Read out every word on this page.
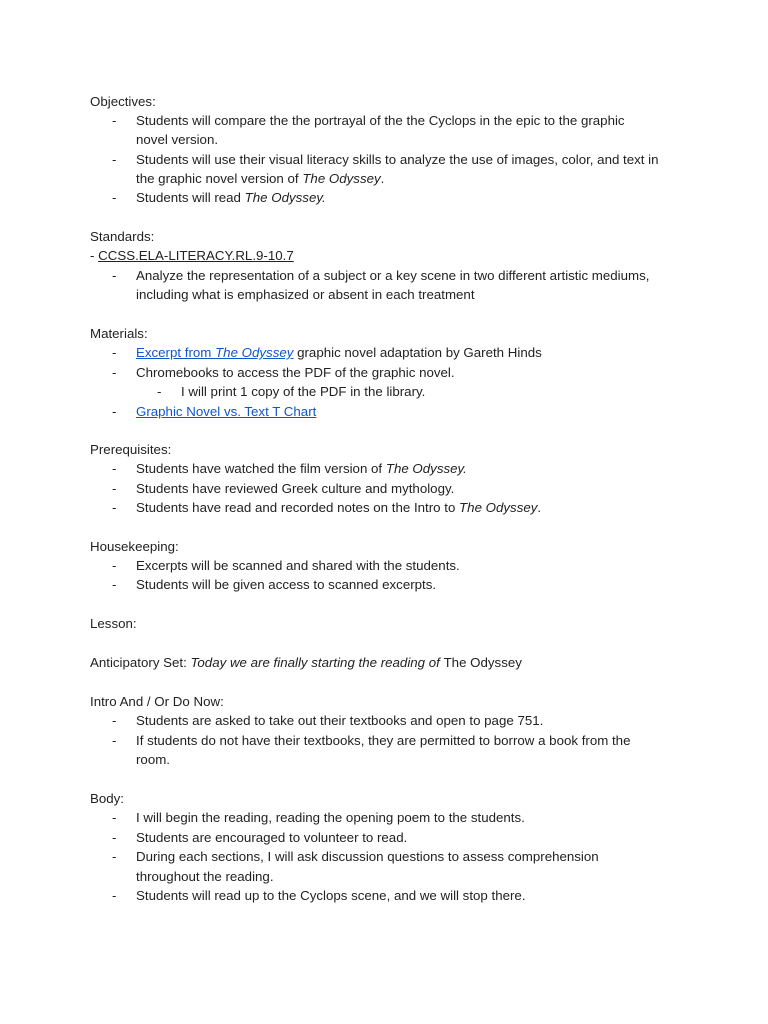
Objectives:
- Students will compare the the portrayal of the the Cyclops in the epic to the graphic
novel version.
- Students will use their visual literacy skills to analyze the use of images, color, and text in
the graphic novel version of The Odyssey.
- Students will read The Odyssey.
Standards:
- CCSS.ELA-LITERACY.RL.9-10.7
- Analyze the representation of a subject or a key scene in two different artistic mediums,
including what is emphasized or absent in each treatment
Materials:
- Excerpt from The Odyssey graphic novel adaptation by Gareth Hinds
- Chromebooks to access the PDF of the graphic novel.
- I will print 1 copy of the PDF in the library.
- Graphic Novel vs. Text T Chart
Prerequisites:
- Students have watched the film version of The Odyssey.
- Students have reviewed Greek culture and mythology.
- Students have read and recorded notes on the Intro to The Odyssey.
Housekeeping:
- Excerpts will be scanned and shared with the students.
- Students will be given access to scanned excerpts.
Lesson:
Anticipatory Set: Today we are finally starting the reading of The Odyssey
Intro And / Or Do Now:
- Students are asked to take out their textbooks and open to page 751.
- If students do not have their textbooks, they are permitted to borrow a book from the
room.
Body:
- I will begin the reading, reading the opening poem to the students.
- Students are encouraged to volunteer to read.
- During each sections, I will ask discussion questions to assess comprehension
throughout the reading.
- Students will read up to the Cyclops scene, and we will stop there.
